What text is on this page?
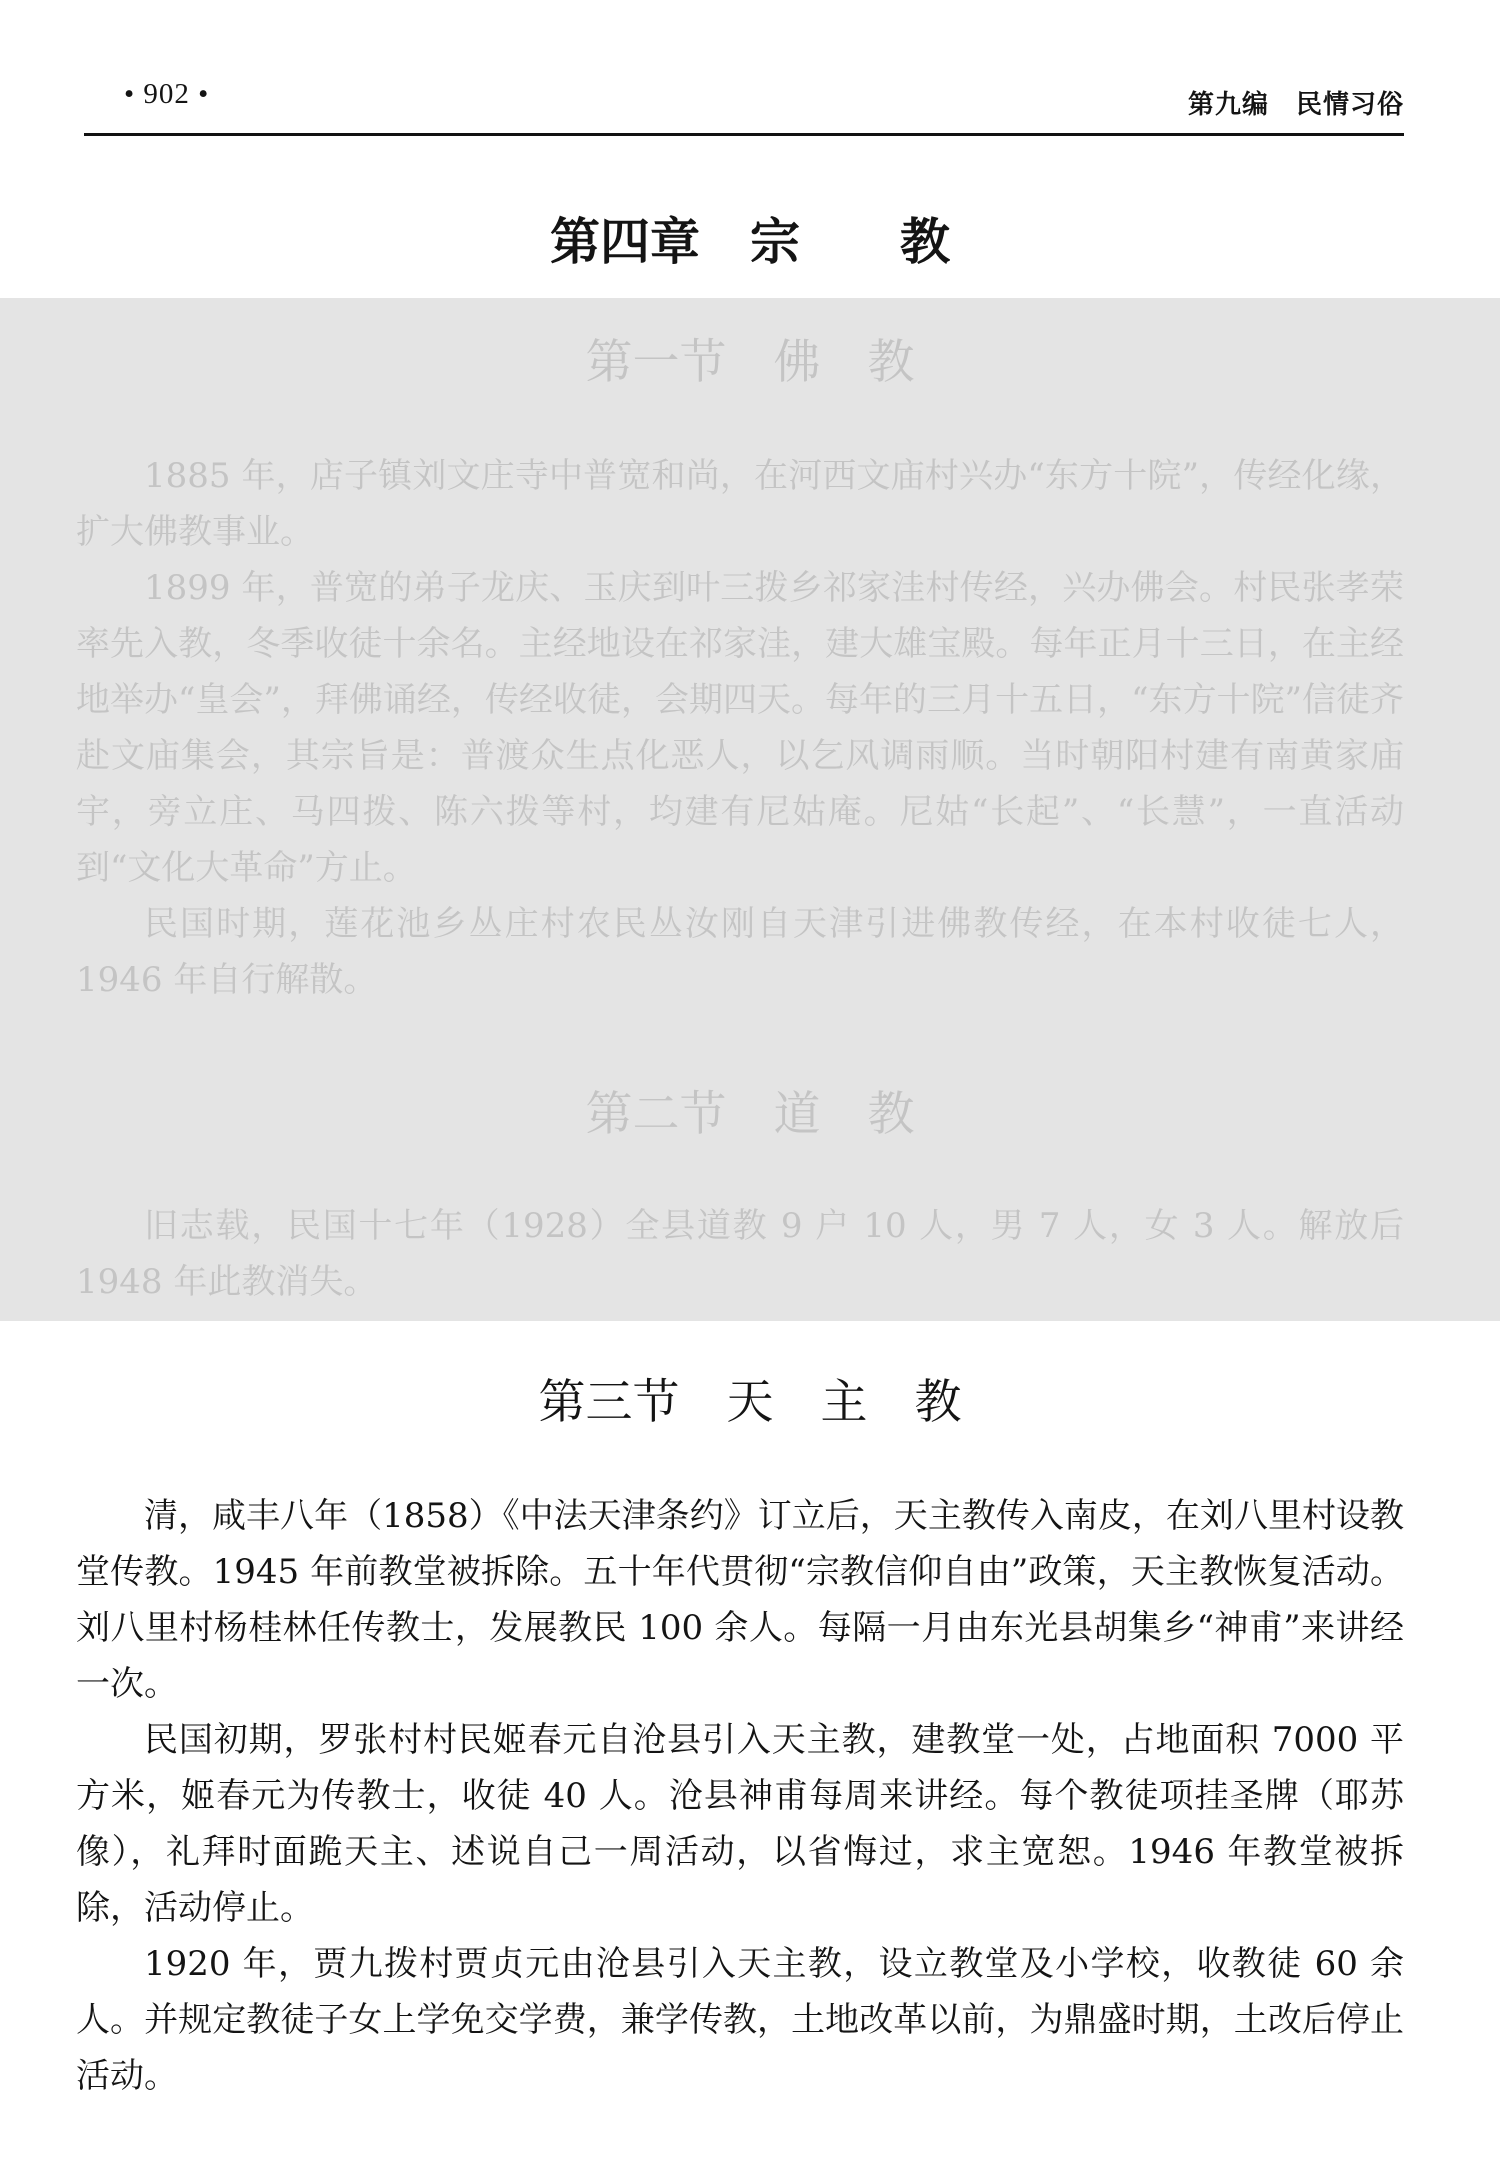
• 902 •	第九编　民情习俗
第四章　宗　　教
第一节　佛　教

1885 年，店子镇刘文庄寺中普宽和尚，在河西文庙村兴办“东方十院”，传经化缘，扩大佛教事业。

1899 年，普宽的弟子龙庆、玉庆到叶三拨乡祁家洼村传经，兴办佛会。村民张孝荣率先入教，冬季收徒十余名。主经地设在祁家洼，建大雄宝殿。每年正月十三日，在主经地举办“皇会”，拜佛诵经，传经收徒，会期四天。每年的三月十五日，“东方十院”信徒齐赴文庙集会，其宗旨是：普渡众生点化恶人，以乞风调雨顺。当时朝阳村建有南黄家庙宇，旁立庄、马四拨、陈六拨等村，均建有尼姑庵。尼姑“长起”、“长慧”，一直活动到“文化大革命”方止。

民国时期，莲花池乡丛庄村农民丛汝刚自天津引进佛教传经，在本村收徒七人，1946 年自行解散。

第二节　道　教

旧志载，民国十七年（1928）全县道教 9 户 10 人，男 7 人，女 3 人。解放后 1948 年此教消失。

第三节　天　主　教

清，咸丰八年（1858）《中法天津条约》订立后，天主教传入南皮，在刘八里村设教堂传教。1945 年前教堂被拆除。五十年代贯彻“宗教信仰自由”政策，天主教恢复活动。刘八里村杨桂林任传教士，发展教民 100 余人。每隔一月由东光县胡集乡“神甫”来讲经一次。

民国初期，罗张村村民姬春元自沧县引入天主教，建教堂一处，占地面积 7000 平方米，姬春元为传教士，收徒 40 人。沧县神甫每周来讲经。每个教徒项挂圣牌（耶苏像），礼拜时面跪天主、述说自己一周活动，以省悔过，求主宽恕。1946 年教堂被拆除，活动停止。

1920 年，贾九拨村贾贞元由沧县引入天主教，设立教堂及小学校，收教徒 60 余人。并规定教徒子女上学免交学费，兼学传教，土地改革以前，为鼎盛时期，土改后停止活动。
